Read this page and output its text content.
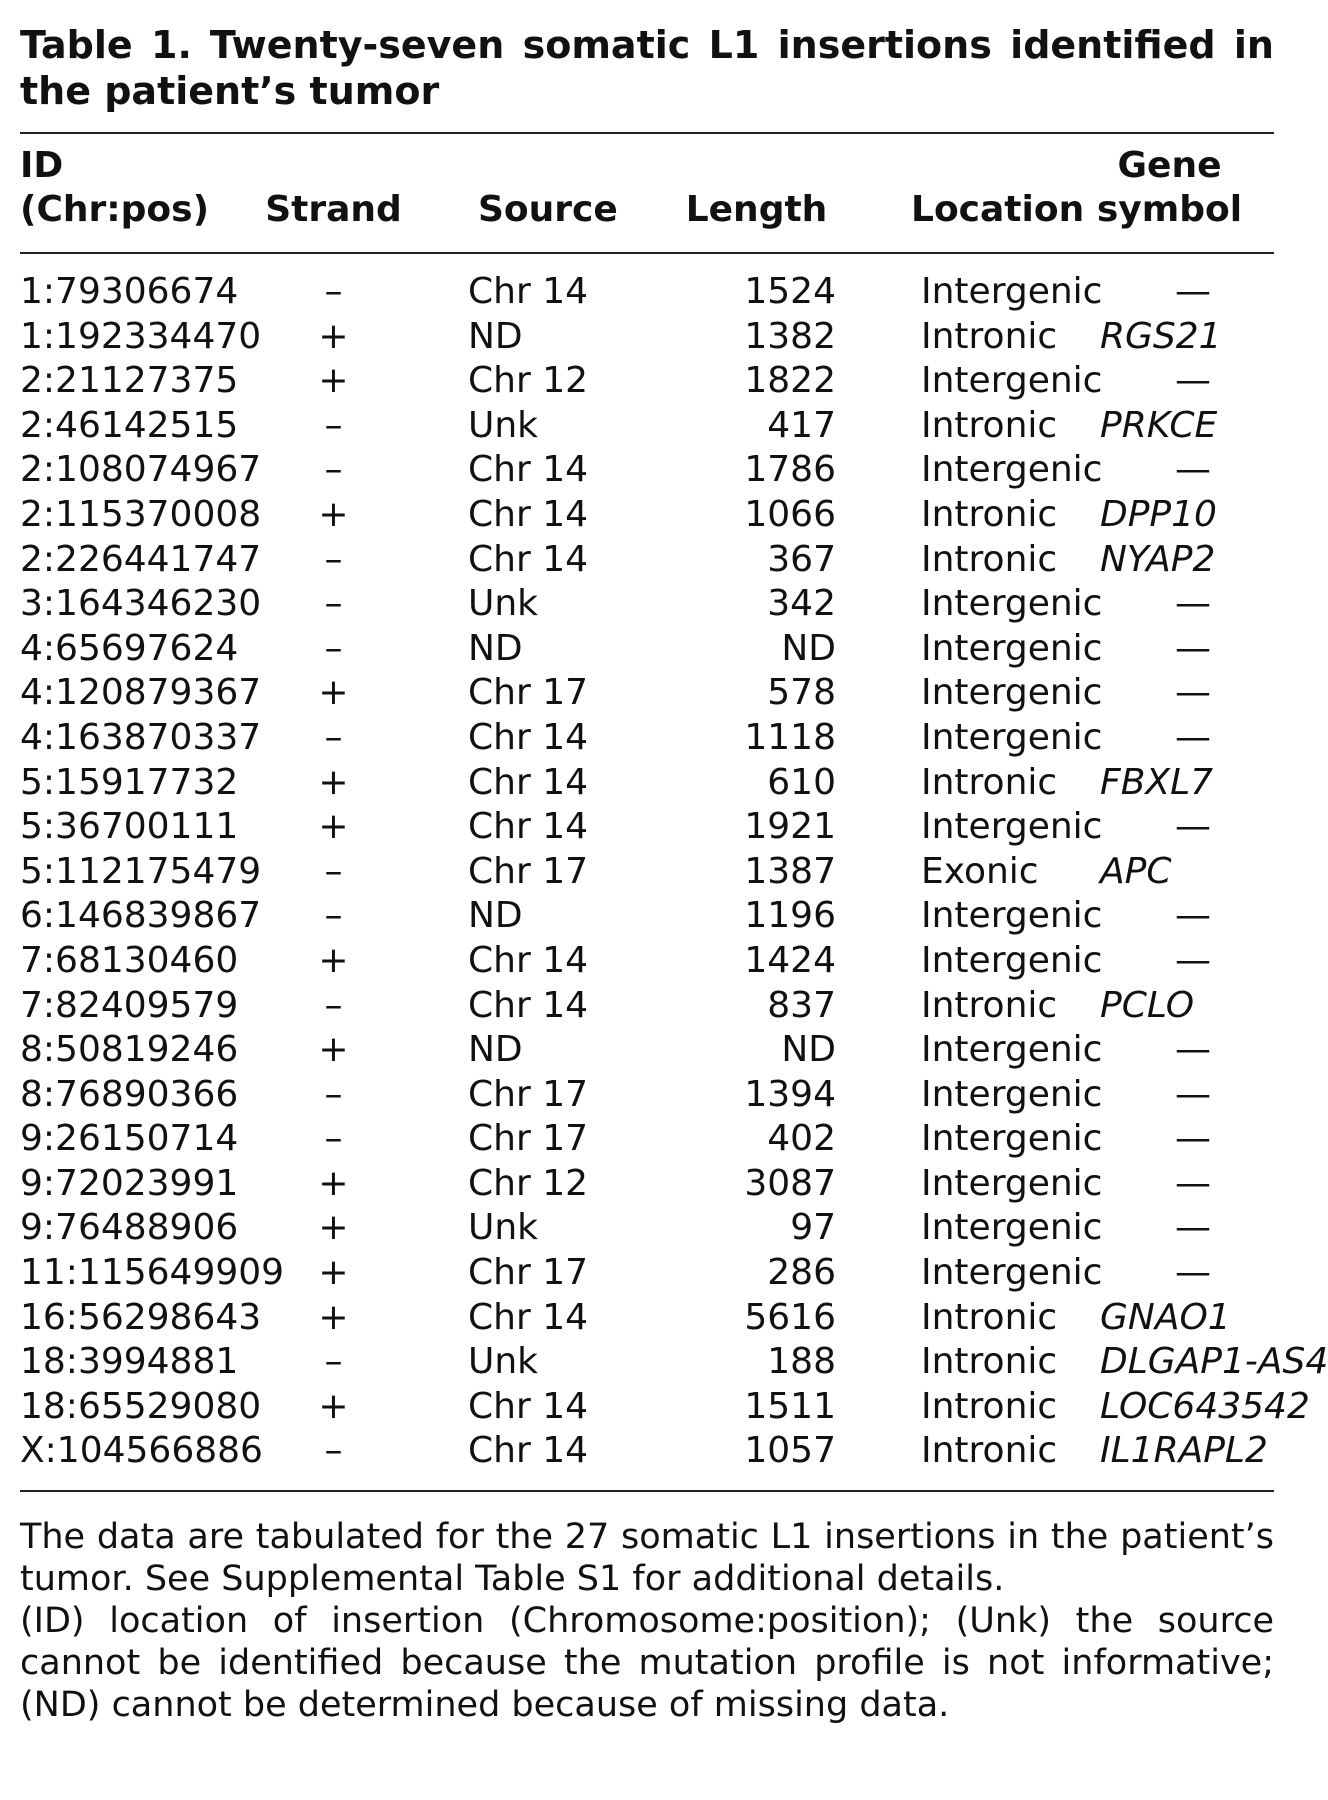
Table 1. Twenty-seven somatic L1 insertions identified in the patient’s tumor

ID (Chr:pos)	Strand	Source	Length	Location	Gene
symbol

1:79306674	–	Chr 14	1524	Intergenic	—
1:192334470	+	ND	1382	Intronic	RGS21
2:21127375	+	Chr 12	1822	Intergenic	—
2:46142515	–	Unk	417	Intronic	PRKCE
2:108074967	–	Chr 14	1786	Intergenic	—
2:115370008	+	Chr 14	1066	Intronic	DPP10
2:226441747	–	Chr 14	367	Intronic	NYAP2
3:164346230	–	Unk	342	Intergenic	—
4:65697624	–	ND	ND	Intergenic	—
4:120879367	+	Chr 17	578	Intergenic	—
4:163870337	–	Chr 14	1118	Intergenic	—
5:15917732	+	Chr 14	610	Intronic	FBXL7
5:36700111	+	Chr 14	1921	Intergenic	—
5:112175479	–	Chr 17	1387	Exonic	APC
6:146839867	–	ND	1196	Intergenic	—
7:68130460	+	Chr 14	1424	Intergenic	—
7:82409579	–	Chr 14	837	Intronic	PCLO
8:50819246	+	ND	ND	Intergenic	—
8:76890366	–	Chr 17	1394	Intergenic	—
9:26150714	–	Chr 17	402	Intergenic	—
9:72023991	+	Chr 12	3087	Intergenic	—
9:76488906	+	Unk	97	Intergenic	—
11:115649909	+	Chr 17	286	Intergenic	—
16:56298643	+	Chr 14	5616	Intronic	GNAO1
18:3994881	–	Unk	188	Intronic	DLGAP1-AS4
18:65529080	+	Chr 14	1511	Intronic	LOC643542
X:104566886	–	Chr 14	1057	Intronic	IL1RAPL2

The data are tabulated for the 27 somatic L1 insertions in the patient’s tumor. See Supplemental Table S1 for additional details.

(ID) location of insertion (Chromosome:position); (Unk) the source cannot be identified because the mutation profile is not informative; (ND) cannot be determined because of missing data.
